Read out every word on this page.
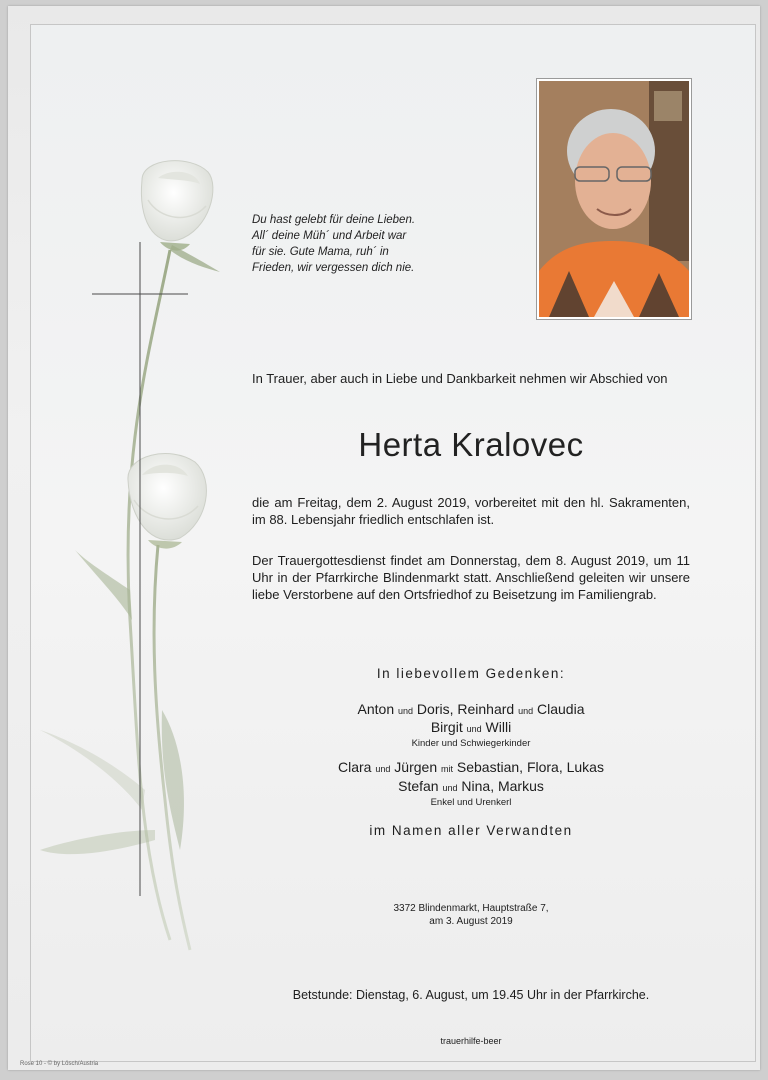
Du hast gelebt für deine Lieben.
All´ deine Müh´ und Arbeit war
für sie. Gute Mama, ruh´ in
Frieden, wir vergessen dich nie.
In Trauer, aber auch in Liebe und Dankbarkeit nehmen wir Abschied von
Herta Kralovec
die am Freitag, dem 2. August 2019, vorbereitet mit den hl. Sakramenten, im 88. Lebensjahr friedlich entschlafen ist.
Der Trauergottesdienst findet am Donnerstag, dem 8. August 2019, um 11 Uhr in der Pfarrkirche Blindenmarkt statt. Anschließend geleiten wir unsere liebe Verstorbene auf den Ortsfriedhof zu Beisetzung im Familiengrab.
In liebevollem Gedenken:
Anton und Doris, Reinhard und Claudia
Birgit und Willi
Kinder und Schwiegerkinder
Clara und Jürgen mit Sebastian, Flora, Lukas
Stefan und Nina, Markus
Enkel und Urenkerl
im Namen aller Verwandten
3372 Blindenmarkt, Hauptstraße 7,
am 3. August 2019
Betstunde: Dienstag, 6. August, um 19.45 Uhr in der Pfarrkirche.
trauerhilfe-beer
Rose 10 - © by Lösch/Austria
